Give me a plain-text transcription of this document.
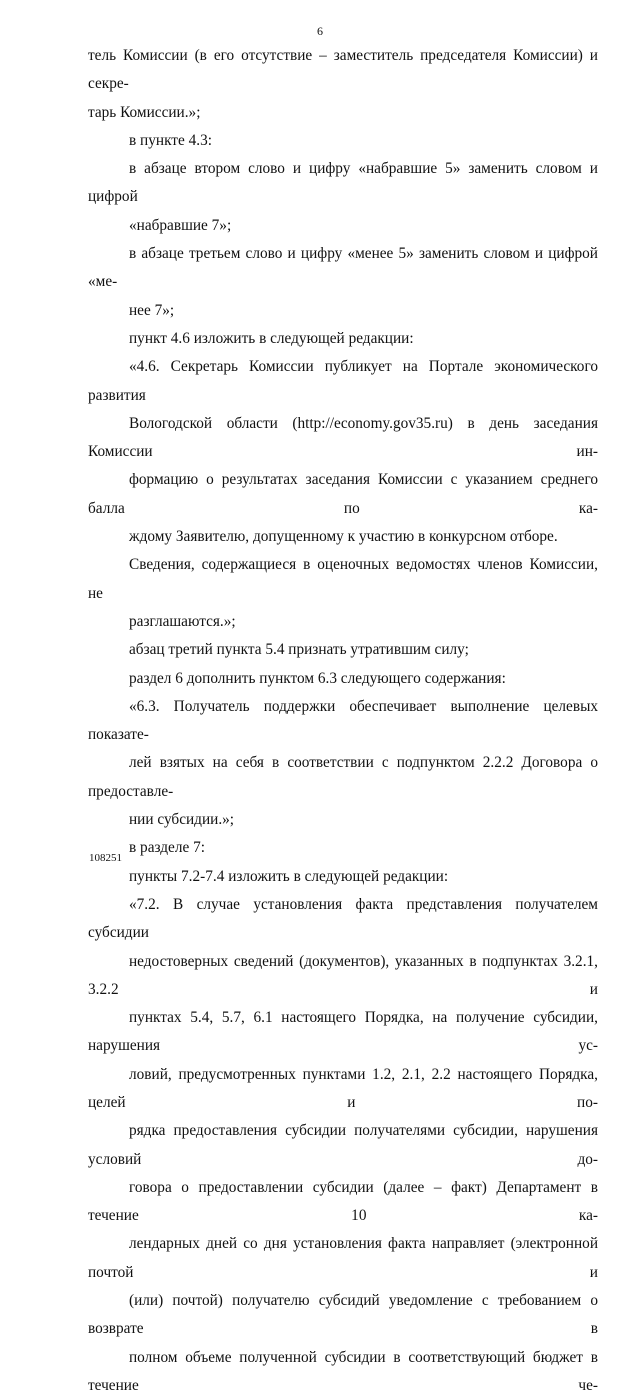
6

тель Комиссии (в его отсутствие – заместитель председателя Комиссии) и секре-
тарь Комиссии.»;

в пункте 4.3:

в абзаце втором слово и цифру «набравшие 5» заменить словом и цифрой
«набравшие 7»;

в абзаце третьем слово и цифру «менее 5» заменить словом и цифрой «ме-
нее 7»;

пункт 4.6 изложить в следующей редакции:

«4.6. Секретарь Комиссии публикует на Портале экономического развития
Вологодской области (http://economy.gov35.ru) в день заседания Комиссии ин-
формацию о результатах заседания Комиссии с указанием среднего балла по ка-
ждому Заявителю, допущенному к участию в конкурсном отборе.

Сведения, содержащиеся в оценочных ведомостях членов Комиссии, не
разглашаются.»;

абзац третий пункта 5.4 признать утратившим силу;

раздел 6 дополнить пунктом 6.3 следующего содержания:

«6.3. Получатель поддержки обеспечивает выполнение целевых показате-
лей взятых на себя в соответствии с подпунктом 2.2.2 Договора о предоставле-
нии субсидии.»;

в разделе 7:

пункты 7.2-7.4 изложить в следующей редакции:

«7.2. В случае установления факта представления получателем субсидии
недостоверных сведений (документов), указанных в подпунктах 3.2.1, 3.2.2 и
пунктах 5.4, 5.7, 6.1 настоящего Порядка, на получение субсидии, нарушения ус-
ловий, предусмотренных пунктами 1.2, 2.1, 2.2 настоящего Порядка, целей и по-
рядка предоставления субсидии получателями субсидии, нарушения условий до-
говора о предоставлении субсидии (далее – факт) Департамент в течение 10 ка-
лендарных дней со дня установления факта направляет (электронной почтой и
(или) почтой) получателю субсидий уведомление с требованием о возврате в
полном объеме полученной субсидии в соответствующий бюджет в течение че-

108251
